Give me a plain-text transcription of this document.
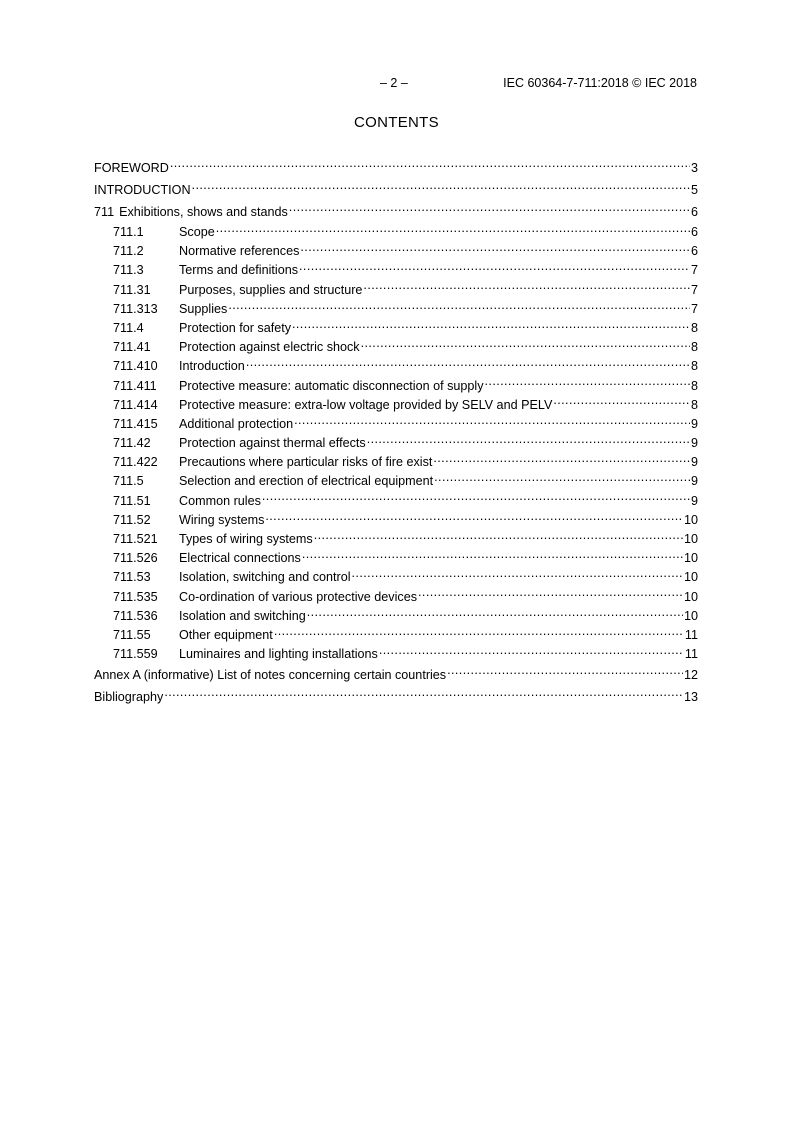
– 2 –	IEC 60364-7-711:2018 © IEC 2018
CONTENTS
FOREWORD .....	3
INTRODUCTION .....	5
711 Exhibitions, shows and stands .....	6
711.1	Scope .....	6
711.2	Normative references .....	6
711.3	Terms and definitions .....	7
711.31	Purposes, supplies and structure .....	7
711.313	Supplies .....	7
711.4	Protection for safety .....	8
711.41	Protection against electric shock .....	8
711.410	Introduction .....	8
711.411	Protective measure: automatic disconnection of supply .....	8
711.414	Protective measure: extra-low voltage provided by SELV and PELV .....	8
711.415	Additional protection .....	9
711.42	Protection against thermal effects .....	9
711.422	Precautions where particular risks of fire exist .....	9
711.5	Selection and erection of electrical equipment .....	9
711.51	Common rules .....	9
711.52	Wiring systems .....	10
711.521	Types of wiring systems .....	10
711.526	Electrical connections .....	10
711.53	Isolation, switching and control .....	10
711.535	Co-ordination of various protective devices .....	10
711.536	Isolation and switching .....	10
711.55	Other equipment .....	11
711.559	Luminaires and lighting installations .....	11
Annex A (informative) List of notes concerning certain countries .....	12
Bibliography .....	13
